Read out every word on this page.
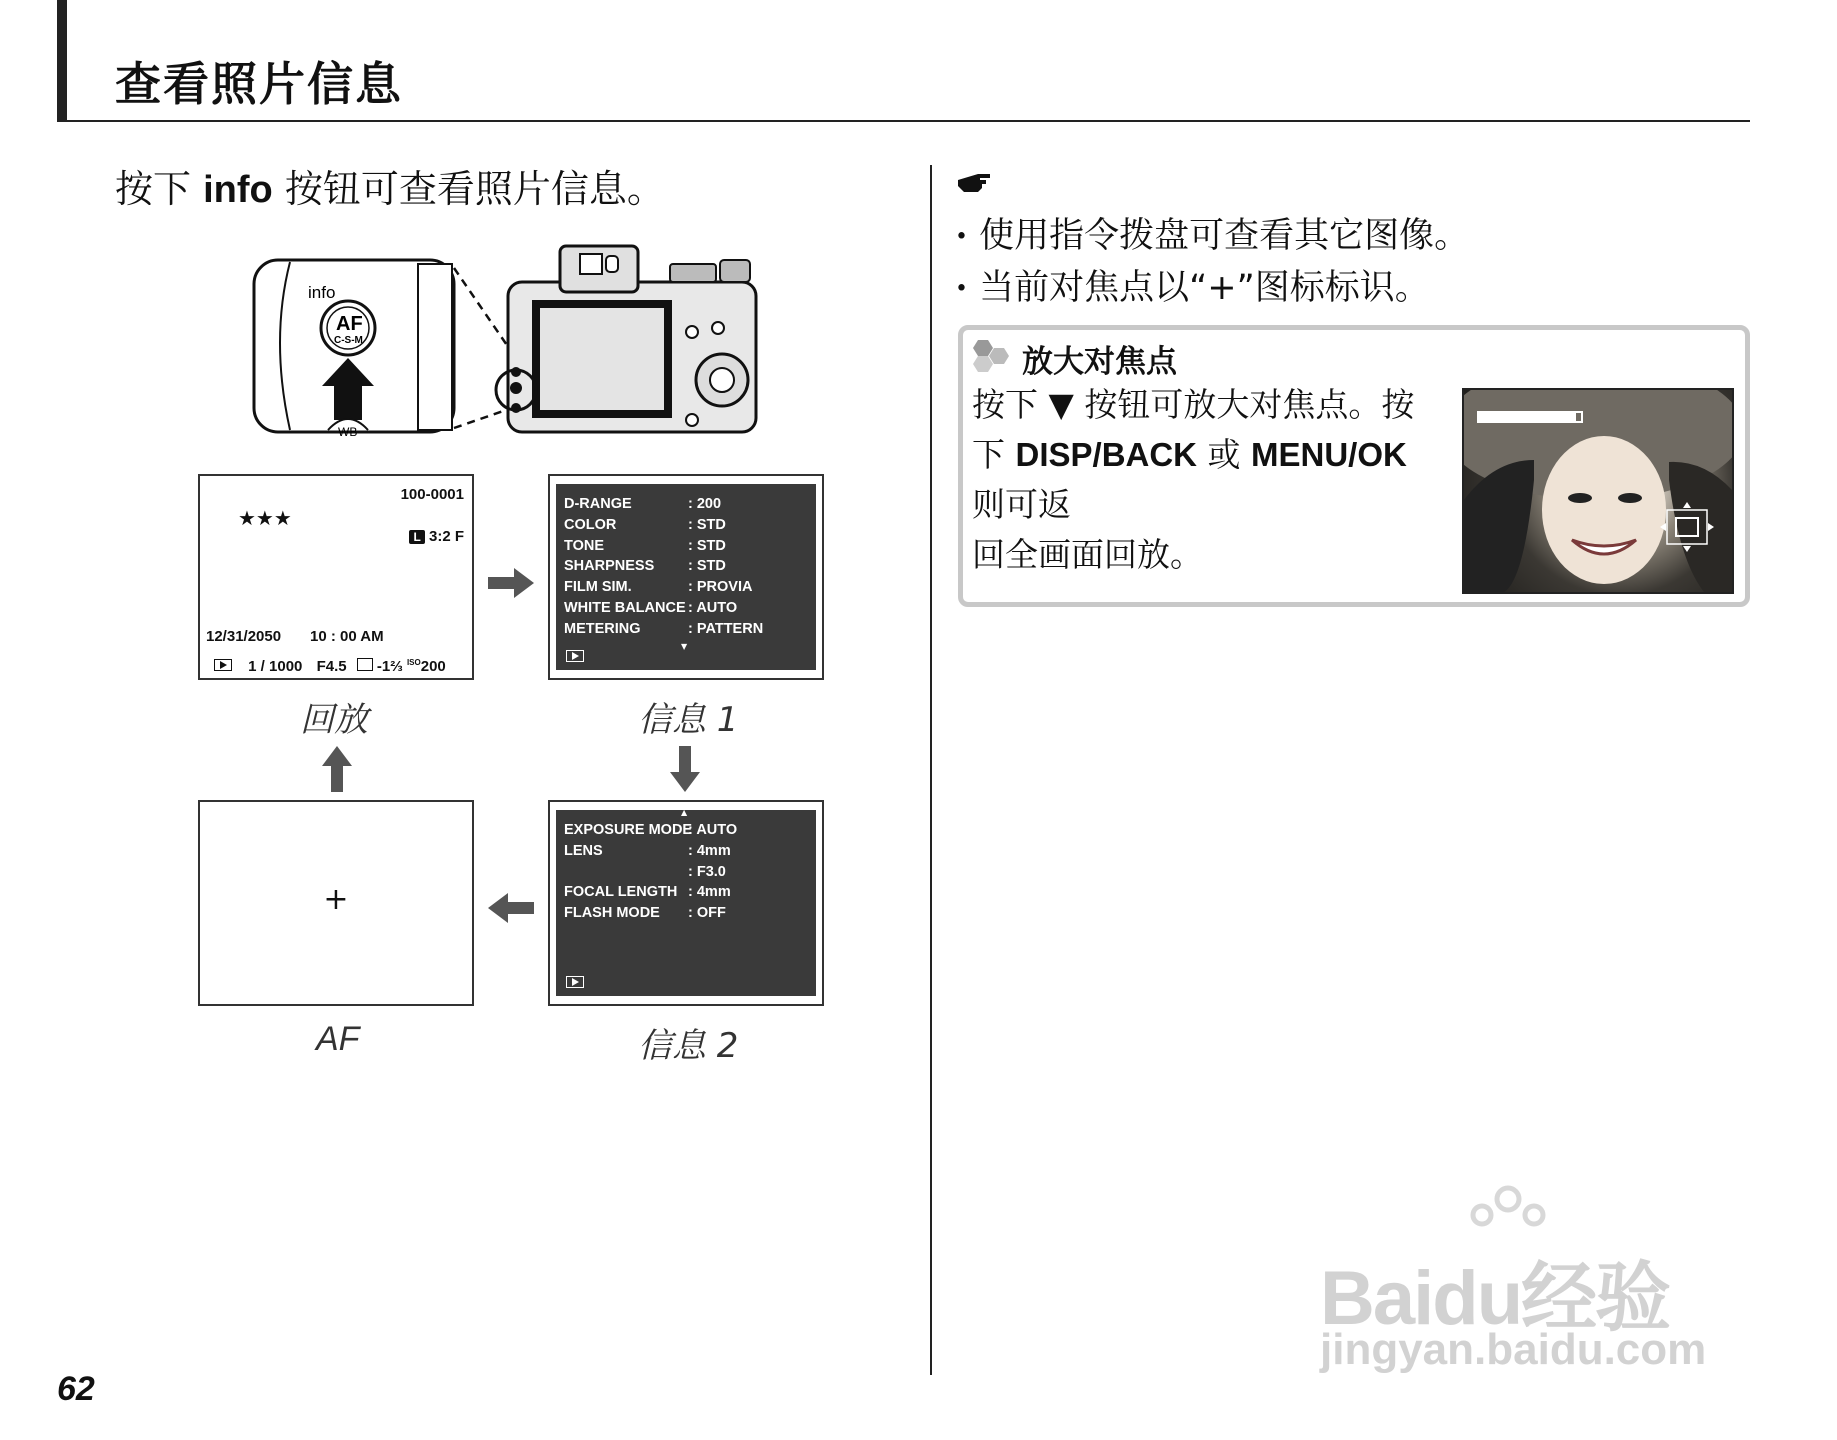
查看照片信息
按下 info 按钮可查看照片信息。
info
AF
C-S-M
WB
100-0001
★★★
L 3:2 F
12/31/2050 10 : 00 AM
1 / 1000 F4.5 -1⅔ $^{ISO}$200
回放
D-RANGE	: 200
COLOR	: STD
TONE	: STD
SHARPNESS : STD
FILM SIM.	: PROVIA
WHITE BALANCE : AUTO
METERING	: PATTERN
▼
信息 1
+
AF
▲
EXPOSURE MODE: AUTO
LENS	: 4mm
: F3.0
FOCAL LENGTH : 4mm
FLASH MODE : OFF
信息 2
• 使用指令拨盘可查看其它图像。
• 当前对焦点以“+”图标标识。
放大对焦点
按下 ▼ 按钮可放大对焦点。按
下 DISP/BACK 或 MENU/OK 则可返
回全画面回放。
62
Baidu经验
jingyan.baidu.com
